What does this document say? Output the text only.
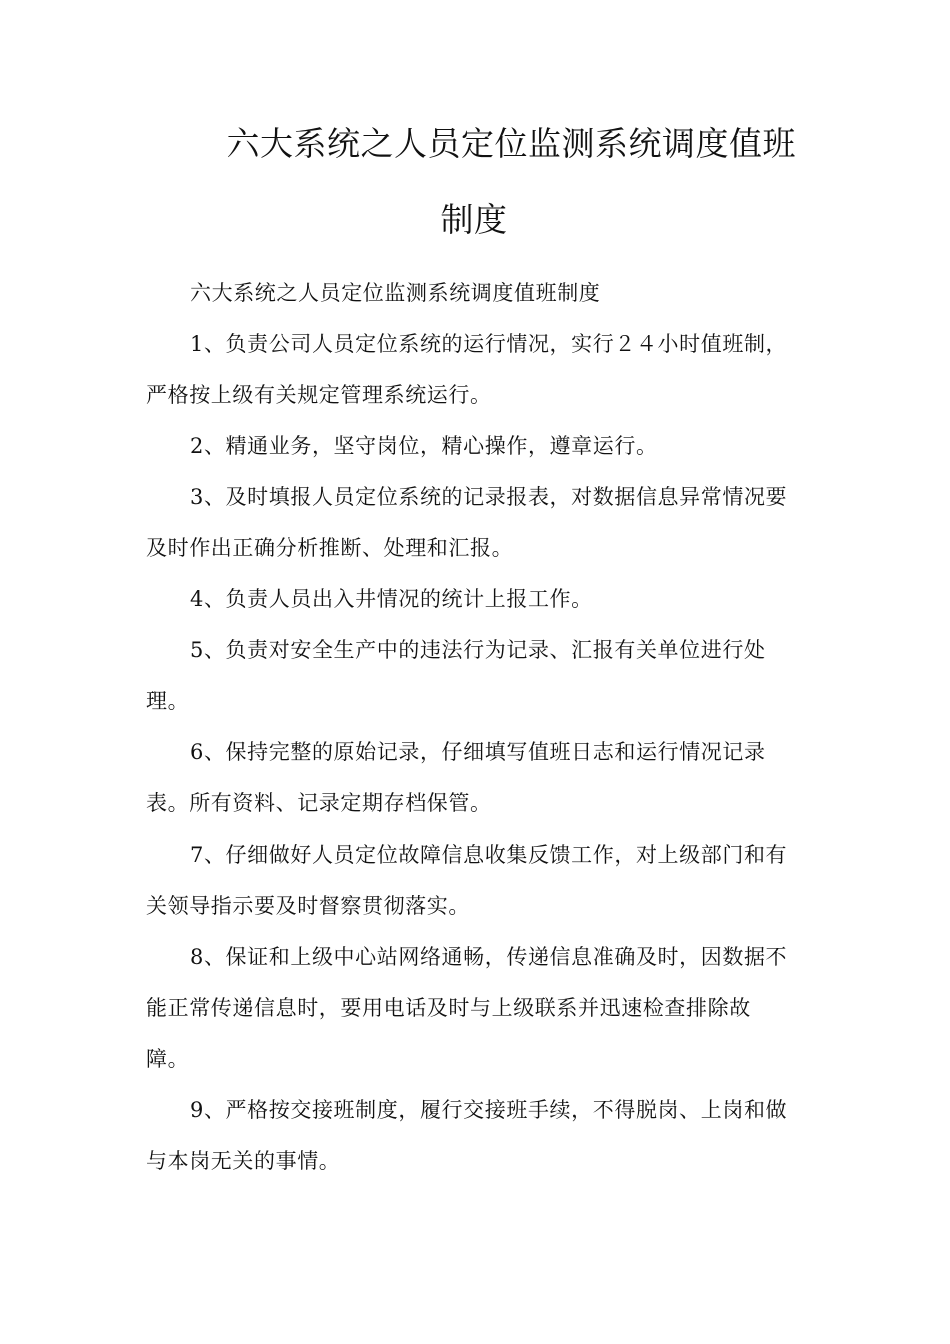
六大系统之人员定位监测系统调度值班
制度
六大系统之人员定位监测系统调度值班制度
1、负责公司人员定位系统的运行情况，实行２４小时值班制，
严格按上级有关规定管理系统运行。
2、精通业务，坚守岗位，精心操作，遵章运行。
3、及时填报人员定位系统的记录报表，对数据信息异常情况要
及时作出正确分析推断、处理和汇报。
4、负责人员出入井情况的统计上报工作。
5、负责对安全生产中的违法行为记录、汇报有关单位进行处
理。
6、保持完整的原始记录，仔细填写值班日志和运行情况记录
表。所有资料、记录定期存档保管。
7、仔细做好人员定位故障信息收集反馈工作，对上级部门和有
关领导指示要及时督察贯彻落实。
8、保证和上级中心站网络通畅，传递信息准确及时，因数据不
能正常传递信息时，要用电话及时与上级联系并迅速检查排除故
障。
9、严格按交接班制度，履行交接班手续，不得脱岗、上岗和做
与本岗无关的事情。
